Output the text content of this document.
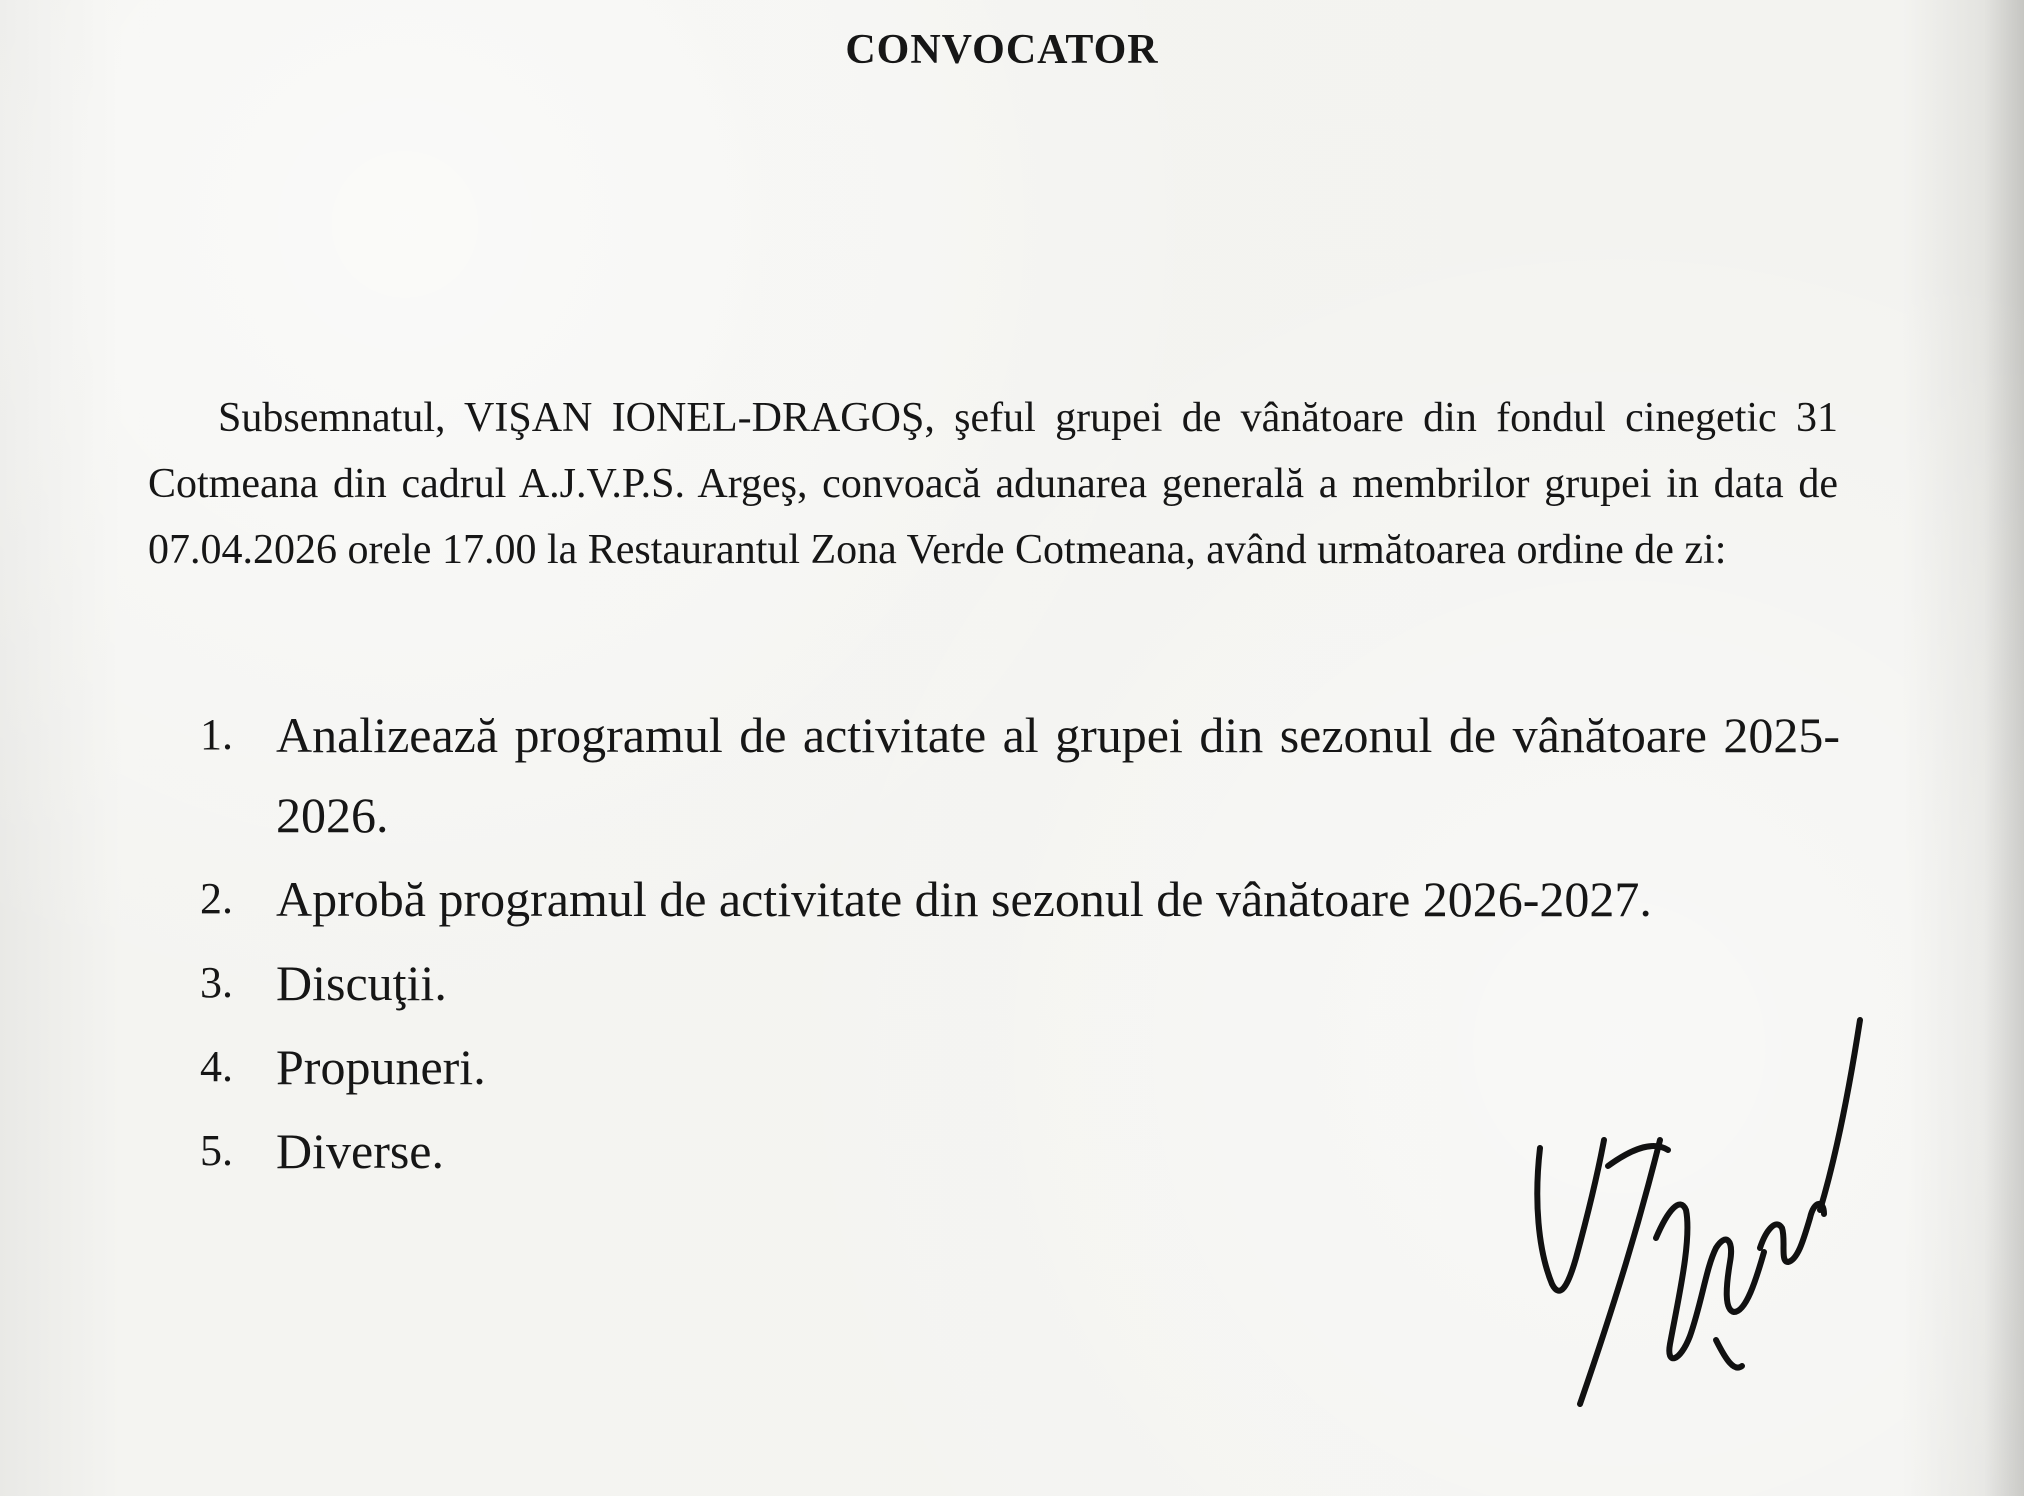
CONVOCATOR

Subsemnatul, VIŞAN IONEL-DRAGOŞ, şeful grupei de vânătoare din fondul cinegetic 31 Cotmeana din cadrul A.J.V.P.S. Argeş, convoacă adunarea generală a membrilor grupei in data de 07.04.2026 orele 17.00 la Restaurantul Zona Verde Cotmeana, având următoarea ordine de zi:

1. Analizează programul de activitate al grupei din sezonul de vânătoare 2025-2026.
2. Aprobă programul de activitate din sezonul de vânătoare 2026-2027.
3. Discuţii.
4. Propuneri.
5. Diverse.
